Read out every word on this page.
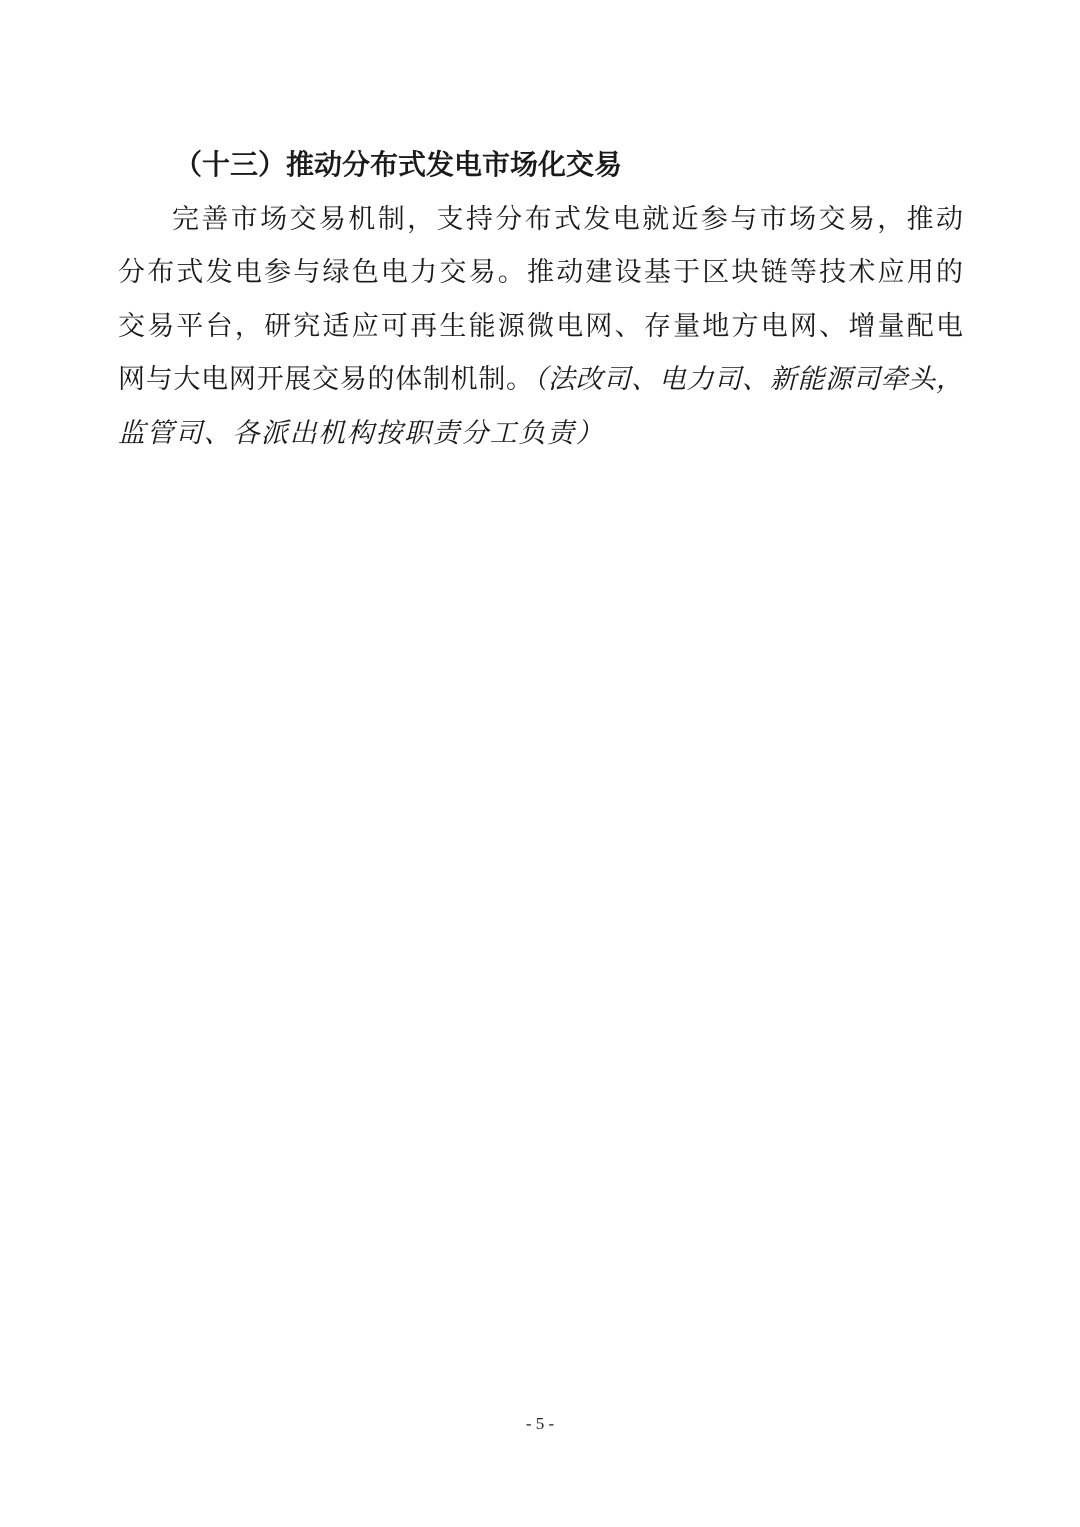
（十三）推动分布式发电市场化交易
完善市场交易机制，支持分布式发电就近参与市场交易，推动
分布式发电参与绿色电力交易。推动建设基于区块链等技术应用的
交易平台，研究适应可再生能源微电网、存量地方电网、增量配电
网与大电网开展交易的体制机制。（法改司、电力司、新能源司牵头，
监管司、各派出机构按职责分工负责）
- 5 -
